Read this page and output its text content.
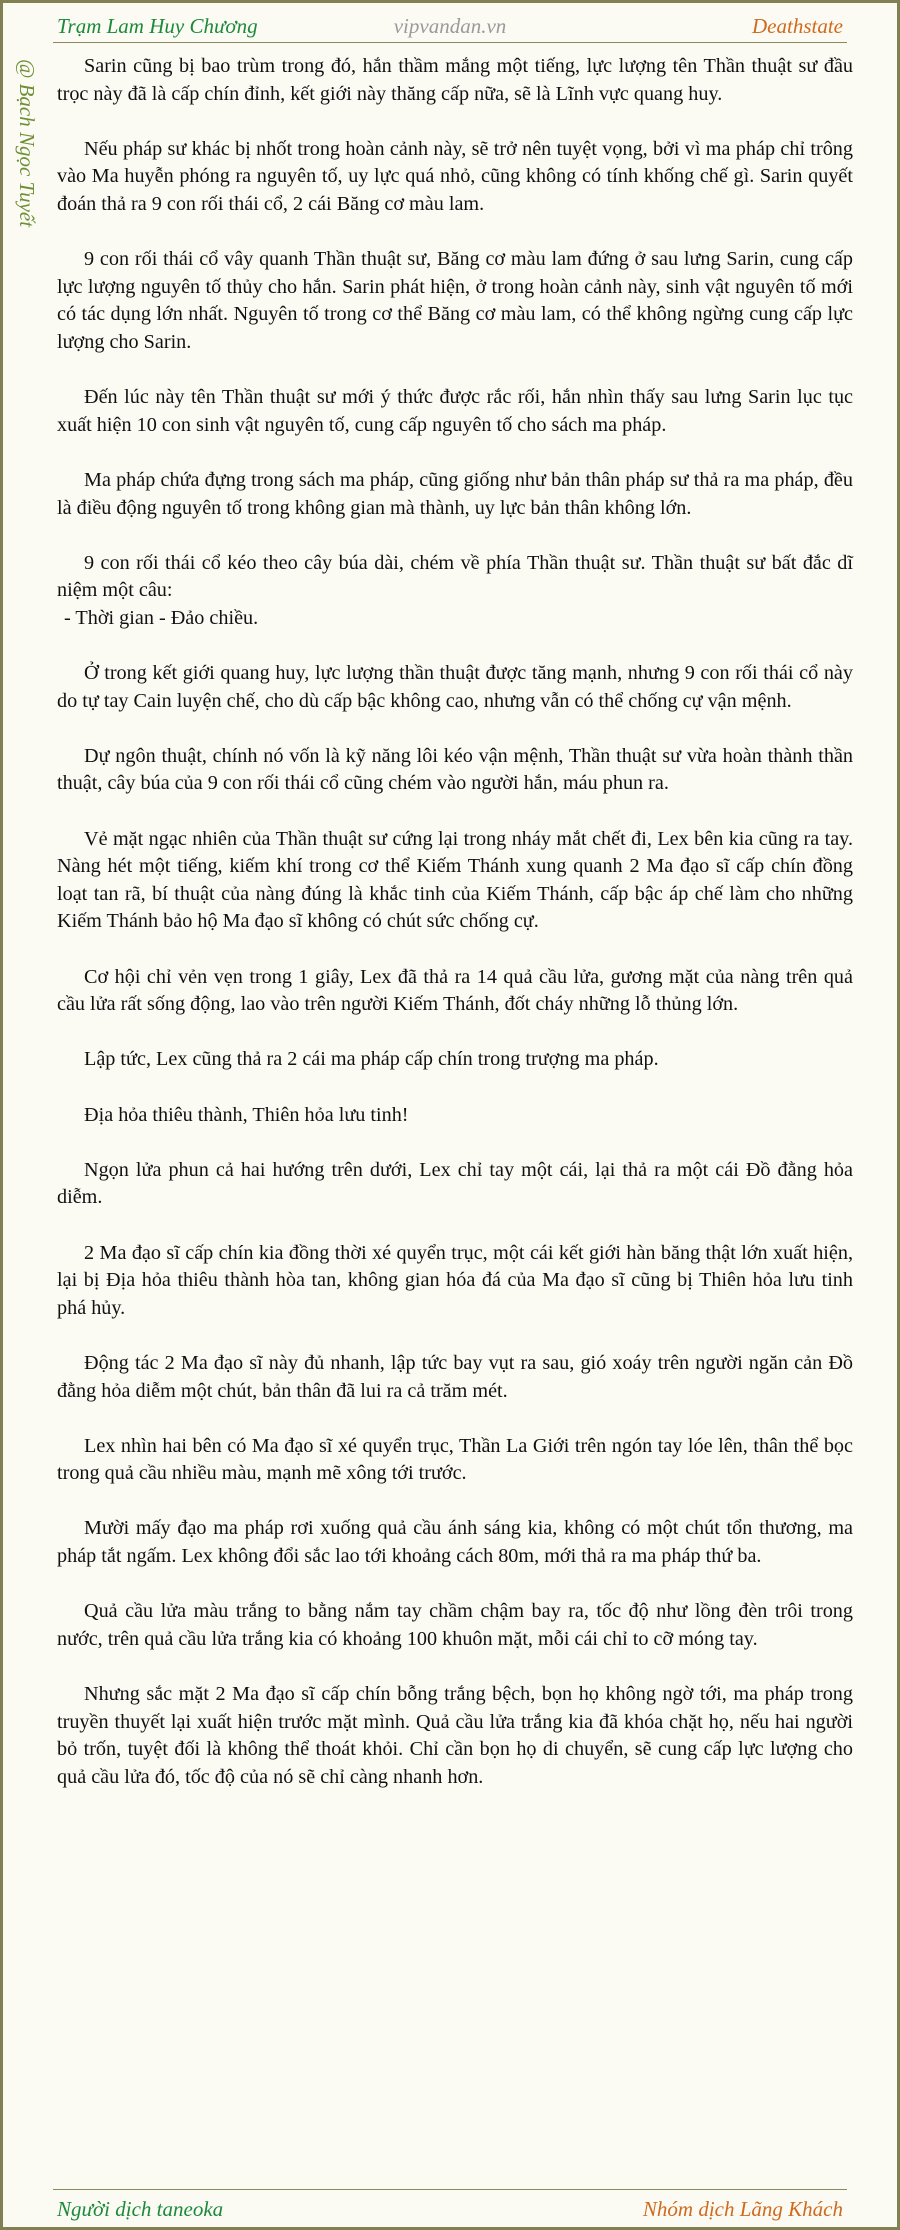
Trạm Lam Huy Chương	vipvandan.vn	Deathstate
@ Bạch Ngọc Tuyết	Sarin cũng bị bao trùm trong đó, hắn thầm mắng một tiếng, lực lượng tên Thần thuật sư đầu trọc này đã là cấp chín đỉnh, kết giới này thăng cấp nữa, sẽ là Lĩnh vực quang huy.

Nếu pháp sư khác bị nhốt trong hoàn cảnh này, sẽ trở nên tuyệt vọng, bởi vì ma pháp chỉ trông vào Ma huyễn phóng ra nguyên tố, uy lực quá nhỏ, cũng không có tính khống chế gì. Sarin quyết đoán thả ra 9 con rối thái cổ, 2 cái Băng cơ màu lam.

9 con rối thái cổ vây quanh Thần thuật sư, Băng cơ màu lam đứng ở sau lưng Sarin, cung cấp lực lượng nguyên tố thủy cho hắn. Sarin phát hiện, ở trong hoàn cảnh này, sinh vật nguyên tố mới có tác dụng lớn nhất. Nguyên tố trong cơ thể Băng cơ màu lam, có thể không ngừng cung cấp lực lượng cho Sarin.

Đến lúc này tên Thần thuật sư mới ý thức được rắc rối, hắn nhìn thấy sau lưng Sarin lục tục xuất hiện 10 con sinh vật nguyên tố, cung cấp nguyên tố cho sách ma pháp.

Ma pháp chứa đựng trong sách ma pháp, cũng giống như bản thân pháp sư thả ra ma pháp, đều là điều động nguyên tố trong không gian mà thành, uy lực bản thân không lớn.

9 con rối thái cổ kéo theo cây búa dài, chém về phía Thần thuật sư. Thần thuật sư bất đắc dĩ niệm một câu:

- Thời gian - Đảo chiều.

Ở trong kết giới quang huy, lực lượng thần thuật được tăng mạnh, nhưng 9 con rối thái cổ này do tự tay Cain luyện chế, cho dù cấp bậc không cao, nhưng vẫn có thể chống cự vận mệnh.

Dự ngôn thuật, chính nó vốn là kỹ năng lôi kéo vận mệnh, Thần thuật sư vừa hoàn thành thần thuật, cây búa của 9 con rối thái cổ cũng chém vào người hắn, máu phun ra.

Vẻ mặt ngạc nhiên của Thần thuật sư cứng lại trong nháy mắt chết đi, Lex bên kia cũng ra tay. Nàng hét một tiếng, kiếm khí trong cơ thể Kiếm Thánh xung quanh 2 Ma đạo sĩ cấp chín đồng loạt tan rã, bí thuật của nàng đúng là khắc tinh của Kiếm Thánh, cấp bậc áp chế làm cho những Kiếm Thánh bảo hộ Ma đạo sĩ không có chút sức chống cự.

Cơ hội chỉ vẻn vẹn trong 1 giây, Lex đã thả ra 14 quả cầu lửa, gương mặt của nàng trên quả cầu lửa rất sống động, lao vào trên người Kiếm Thánh, đốt cháy những lỗ thủng lớn.

Lập tức, Lex cũng thả ra 2 cái ma pháp cấp chín trong trượng ma pháp.

Địa hỏa thiêu thành, Thiên hỏa lưu tinh!

Ngọn lửa phun cả hai hướng trên dưới, Lex chỉ tay một cái, lại thả ra một cái Đồ đằng hỏa diễm.

2 Ma đạo sĩ cấp chín kia đồng thời xé quyển trục, một cái kết giới hàn băng thật lớn xuất hiện, lại bị Địa hỏa thiêu thành hòa tan, không gian hóa đá của Ma đạo sĩ cũng bị Thiên hỏa lưu tinh phá hủy.

Động tác 2 Ma đạo sĩ này đủ nhanh, lập tức bay vụt ra sau, gió xoáy trên người ngăn cản Đồ đằng hỏa diễm một chút, bản thân đã lui ra cả trăm mét.

Lex nhìn hai bên có Ma đạo sĩ xé quyển trục, Thần La Giới trên ngón tay lóe lên, thân thể bọc trong quả cầu nhiều màu, mạnh mẽ xông tới trước.

Mười mấy đạo ma pháp rơi xuống quả cầu ánh sáng kia, không có một chút tổn thương, ma pháp tắt ngấm. Lex không đổi sắc lao tới khoảng cách 80m, mới thả ra ma pháp thứ ba.

Quả cầu lửa màu trắng to bằng nắm tay chầm chậm bay ra, tốc độ như lồng đèn trôi trong nước, trên quả cầu lửa trắng kia có khoảng 100 khuôn mặt, mỗi cái chỉ to cỡ móng tay.

Nhưng sắc mặt 2 Ma đạo sĩ cấp chín bỗng trắng bệch, bọn họ không ngờ tới, ma pháp trong truyền thuyết lại xuất hiện trước mặt mình. Quả cầu lửa trắng kia đã khóa chặt họ, nếu hai người bỏ trốn, tuyệt đối là không thể thoát khỏi. Chỉ cần bọn họ di chuyển, sẽ cung cấp lực lượng cho quả cầu lửa đó, tốc độ của nó sẽ chỉ càng nhanh hơn.

Người dịch taneoka	Nhóm dịch Lãng Khách
